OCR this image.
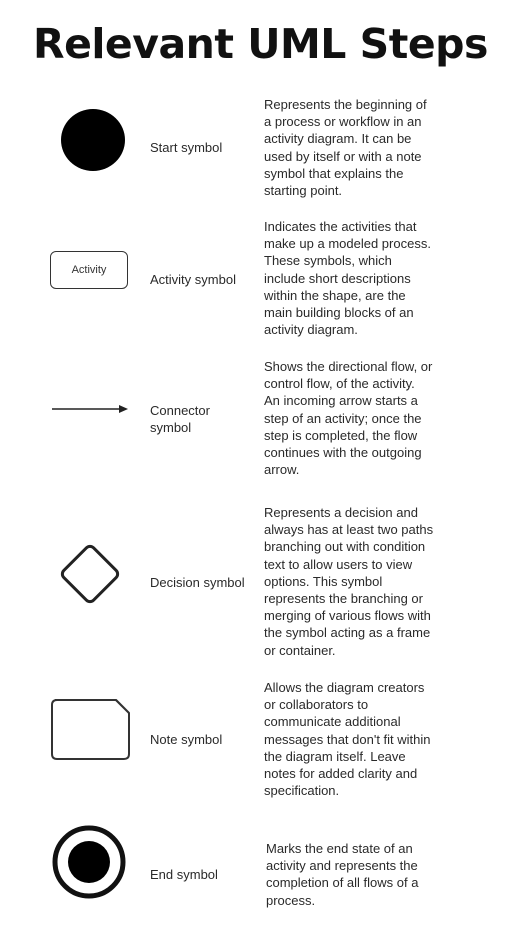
Relevant UML Steps
Start symbol
Represents the beginning of
a process or workflow in an
activity diagram. It can be
used by itself or with a note
symbol that explains the
starting point.
Activity
Activity symbol
Indicates the activities that
make up a modeled process.
These symbols, which
include short descriptions
within the shape, are the
main building blocks of an
activity diagram.
Connector
symbol
Shows the directional flow, or
control flow, of the activity.
An incoming arrow starts a
step of an activity; once the
step is completed, the flow
continues with the outgoing
arrow.
Decision symbol
Represents a decision and
always has at least two paths
branching out with condition
text to allow users to view
options. This symbol
represents the branching or
merging of various flows with
the symbol acting as a frame
or container.
Note symbol
Allows the diagram creators
or collaborators to
communicate additional
messages that don't fit within
the diagram itself. Leave
notes for added clarity and
specification.
End symbol
Marks the end state of an
activity and represents the
completion of all flows of a
process.
